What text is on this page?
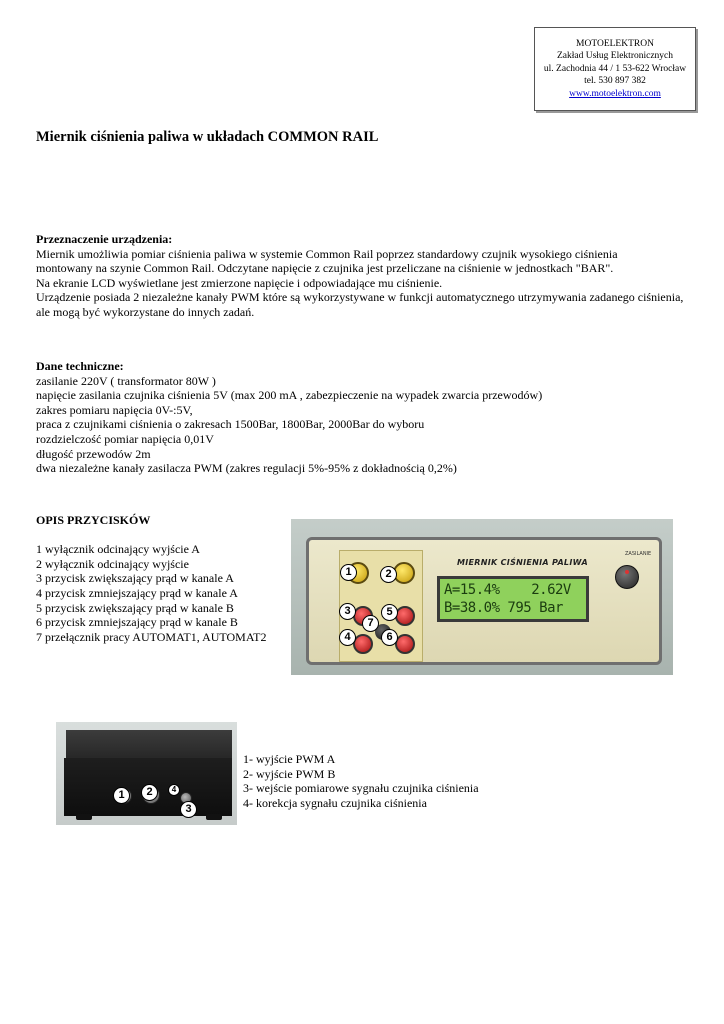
MOTOELEKTRON
Zakład Usług Elektronicznych
ul. Zachodnia 44 / 1 53-622 Wrocław
tel. 530 897 382
www.motoelektron.com
Miernik ciśnienia paliwa w układach COMMON RAIL
Przeznaczenie urządzenia:
Miernik umożliwia pomiar ciśnienia paliwa w systemie Common Rail poprzez standardowy czujnik wysokiego ciśnienia
montowany na szynie Common Rail. Odczytane napięcie z czujnika jest przeliczane na ciśnienie w jednostkach "BAR".
Na ekranie LCD wyświetlane jest zmierzone napięcie i odpowiadające mu ciśnienie.
Urządzenie posiada 2 niezależne kanały PWM które są wykorzystywane w funkcji automatycznego utrzymywania zadanego ciśnienia,
ale mogą być wykorzystane do innych zadań.
Dane techniczne:
zasilanie 220V ( transformator 80W )
napięcie zasilania czujnika ciśnienia 5V (max 200 mA , zabezpieczenie na wypadek zwarcia przewodów)
zakres pomiaru napięcia 0V-:5V,
praca z czujnikami ciśnienia o zakresach 1500Bar, 1800Bar, 2000Bar do wyboru
rozdzielczość pomiar napięcia 0,01V
długość przewodów 2m
dwa niezależne kanały zasilacza PWM (zakres regulacji 5%-95% z dokładnością 0,2%)
OPIS PRZYCISKÓW
1 wyłącznik odcinający wyjście A
2 wyłącznik odcinający wyjście
3 przycisk zwiększający prąd w kanale A
4 przycisk zmniejszający prąd w kanale A
5 przycisk zwiększający prąd w kanale B
6 przycisk zmniejszający prąd w kanale B
7 przełącznik pracy AUTOMAT1, AUTOMAT2
1	2
3
4
5
6
7
MIERNIK CIŚNIENIA PALIWA
A=15.4%    2.62V
B=38.0% 795 Bar
ZASILANIE
1	2	4
3
1- wyjście PWM A
2- wyjście PWM B
3- wejście pomiarowe sygnału czujnika ciśnienia
4- korekcja sygnału czujnika ciśnienia
